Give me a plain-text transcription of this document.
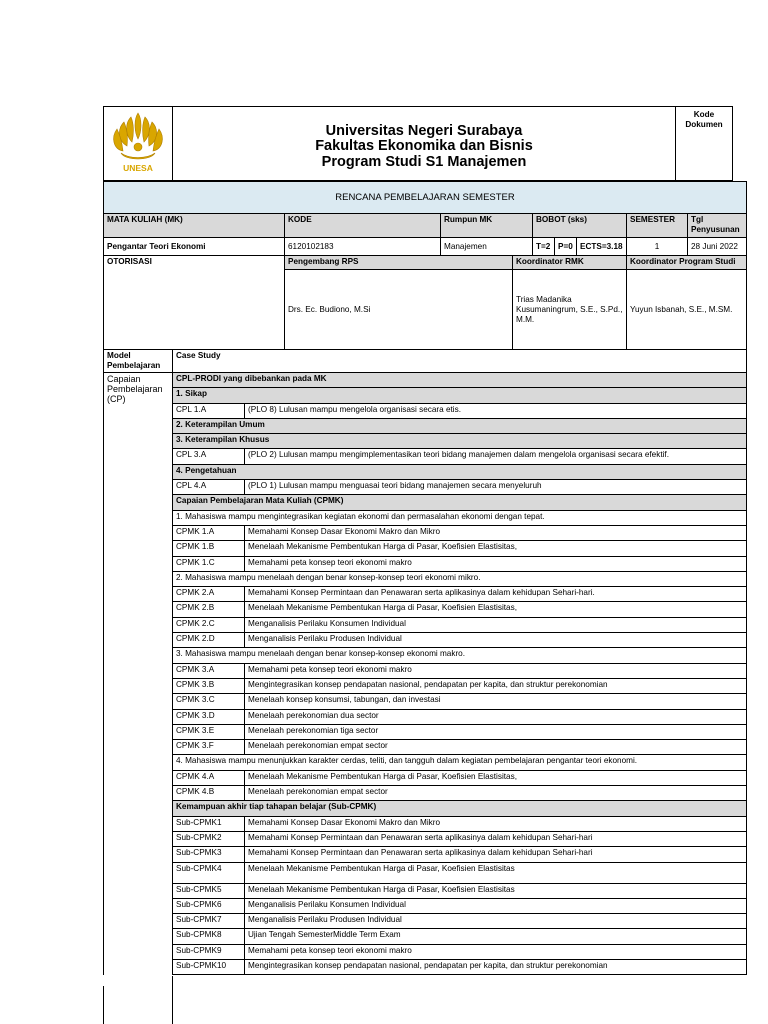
UNESA

Universitas Negeri Surabaya
Fakultas Ekonomika dan Bisnis
Program Studi S1 Manajemen

Kode Dokumen
RENCANA PEMBELAJARAN SEMESTER										
MATA KULIAH (MK)			KODE	Rumpun MK		BOBOT (sks)			SEMESTER	Tgl Penyusunan
Pengantar Teori Ekonomi			6120102183	Manajemen		T=2	P=0	ECTS=3.18	1	28 Juni 2022
OTORISASI			Pengembang RPS		Koordinator RMK				Koordinator Program Studi	
			Drs. Ec. Budiono, M.Si		Trias Madanika Kusumaningrum, S.E., S.Pd., M.M.				Yuyun Isbanah, S.E., M.SM.	
Model Pembelajaran	Case Study									
Capaian Pembelajaran (CP)	CPL-PRODI yang dibebankan pada MK									
	1. Sikap									
	CPL 1.A	(PLO 8) Lulusan mampu mengelola organisasi secara etis.								
	2. Keterampilan Umum									
	3. Keterampilan Khusus									
	CPL 3.A	(PLO 2) Lulusan mampu mengimplementasikan teori bidang manajemen dalam mengelola organisasi secara efektif.								
	4. Pengetahuan									
	CPL 4.A	(PLO 1) Lulusan mampu menguasai teori bidang manajemen secara menyeluruh								
	Capaian Pembelajaran Mata Kuliah (CPMK)									
	1. Mahasiswa mampu mengintegrasikan kegiatan ekonomi dan permasalahan ekonomi dengan tepat.									
	CPMK 1.A	Memahami Konsep Dasar Ekonomi Makro dan Mikro								
	CPMK 1.B	Menelaah Mekanisme Pembentukan Harga di Pasar, Koefisien Elastisitas,								
	CPMK 1.C	Memahami peta konsep teori ekonomi makro								
	2. Mahasiswa mampu menelaah dengan benar konsep-konsep teori ekonomi mikro.									
	CPMK 2.A	Memahami Konsep Permintaan dan Penawaran serta aplikasinya dalam kehidupan Sehari-hari.								
	CPMK 2.B	Menelaah Mekanisme Pembentukan Harga di Pasar, Koefisien Elastisitas,								
	CPMK 2.C	Menganalisis Perilaku Konsumen Individual								
	CPMK 2.D	Menganalisis Perilaku Produsen Individual								
	3. Mahasiswa mampu menelaah dengan benar konsep-konsep ekonomi makro.									
	CPMK 3.A	Memahami peta konsep teori ekonomi makro								
	CPMK 3.B	Mengintegrasikan konsep pendapatan nasional, pendapatan per kapita, dan struktur perekonomian								
	CPMK 3.C	Menelaah konsep konsumsi, tabungan, dan investasi								
	CPMK 3.D	Menelaah perekonomian dua sector								
	CPMK 3.E	Menelaah perekonomian tiga sector								
	CPMK 3.F	Menelaah perekonomian empat sector								
	4. Mahasiswa mampu menunjukkan karakter cerdas, teliti, dan tangguh dalam kegiatan pembelajaran pengantar teori ekonomi.									
	CPMK 4.A	Menelaah Mekanisme Pembentukan Harga di Pasar, Koefisien Elastisitas,								
	CPMK 4.B	Menelaah perekonomian empat sector								
	Kemampuan akhir tiap tahapan belajar (Sub-CPMK)									
	Sub-CPMK1	Memahami Konsep Dasar Ekonomi Makro dan Mikro								
	Sub-CPMK2	Memahami Konsep Permintaan dan Penawaran serta aplikasinya dalam kehidupan Sehari-hari								
	Sub-CPMK3	Memahami Konsep Permintaan dan Penawaran serta aplikasinya dalam kehidupan Sehari-hari								
	Sub-CPMK4	Menelaah Mekanisme Pembentukan Harga di Pasar, Koefisien Elastisitas								
	Sub-CPMK5	Menelaah Mekanisme Pembentukan Harga di Pasar, Koefisien Elastisitas								
	Sub-CPMK6	Menganalisis Perilaku Konsumen Individual								
	Sub-CPMK7	Menganalisis Perilaku Produsen Individual								
	Sub-CPMK8	Ujian Tengah SemesterMiddle Term Exam								
	Sub-CPMK9	Memahami peta konsep teori ekonomi makro								
	Sub-CPMK10	Mengintegrasikan konsep pendapatan nasional, pendapatan per kapita, dan struktur perekonomian								
